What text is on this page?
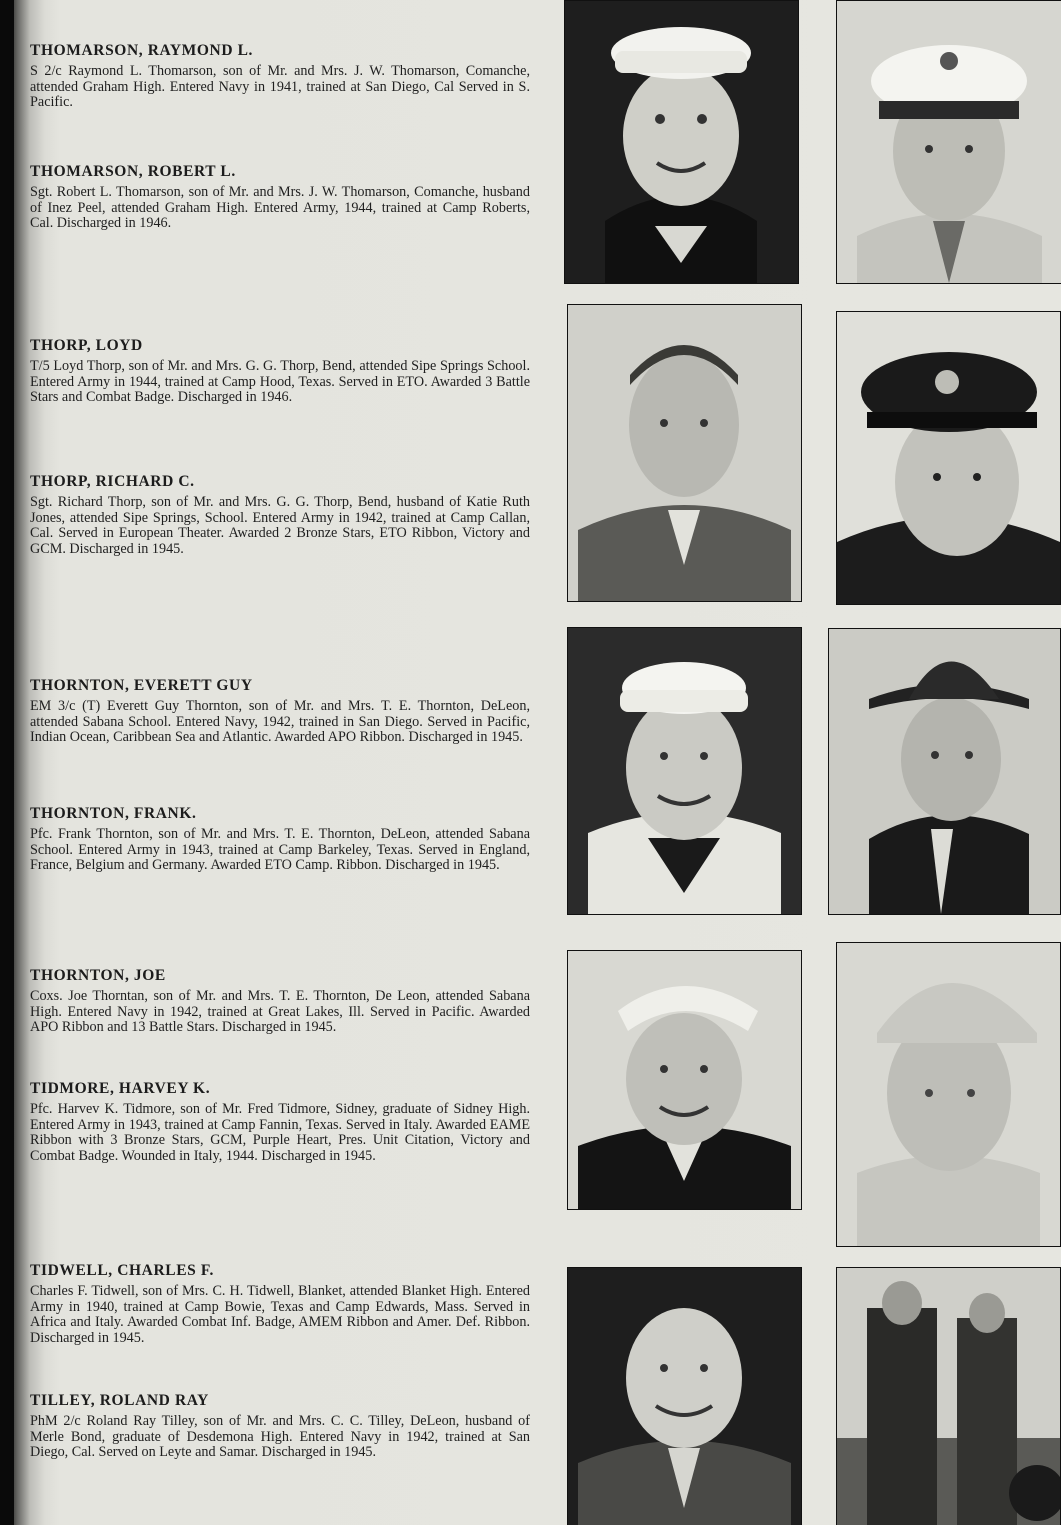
THOMARSON, RAYMOND L.

S 2/c Raymond L. Thomarson, son of Mr. and Mrs. J. W. Thomarson, Comanche, attended Graham High. Entered Navy in 1941, trained at San Diego, Cal Served in S. Pacific.

THOMARSON, ROBERT L.

Sgt. Robert L. Thomarson, son of Mr. and Mrs. J. W. Thomarson, Comanche, husband of Inez Peel, attended Graham High. Entered Army, 1944, trained at Camp Roberts, Cal. Discharged in 1946.

THORP, LOYD

T/5 Loyd Thorp, son of Mr. and Mrs. G. G. Thorp, Bend, attended Sipe Springs School. Entered Army in 1944, trained at Camp Hood, Texas. Served in ETO. Awarded 3 Battle Stars and Combat Badge. Discharged in 1946.

THORP, RICHARD C.

Sgt. Richard Thorp, son of Mr. and Mrs. G. G. Thorp, Bend, husband of Katie Ruth Jones, attended Sipe Springs, School. Entered Army in 1942, trained at Camp Callan, Cal. Served in European Theater. Awarded 2 Bronze Stars, ETO Ribbon, Victory and GCM. Discharged in 1945.

THORNTON, EVERETT GUY

EM 3/c (T) Everett Guy Thornton, son of Mr. and Mrs. T. E. Thornton, DeLeon, attended Sabana School. Entered Navy, 1942, trained in San Diego. Served in Pacific, Indian Ocean, Caribbean Sea and Atlantic. Awarded APO Ribbon. Discharged in 1945.

THORNTON, FRANK.

Pfc. Frank Thornton, son of Mr. and Mrs. T. E. Thornton, DeLeon, attended Sabana School. Entered Army in 1943, trained at Camp Barkeley, Texas. Served in England, France, Belgium and Germany. Awarded ETO Camp. Ribbon. Discharged in 1945.

THORNTON, JOE

Coxs. Joe Thorntan, son of Mr. and Mrs. T. E. Thornton, De Leon, attended Sabana High. Entered Navy in 1942, trained at Great Lakes, Ill. Served in Pacific. Awarded APO Ribbon and 13 Battle Stars. Discharged in 1945.

TIDMORE, HARVEY K.

Pfc. Harvev K. Tidmore, son of Mr. Fred Tidmore, Sidney, graduate of Sidney High. Entered Army in 1943, trained at Camp Fannin, Texas. Served in Italy. Awarded EAME Ribbon with 3 Bronze Stars, GCM, Purple Heart, Pres. Unit Citation, Victory and Combat Badge. Wounded in Italy, 1944. Discharged in 1945.

TIDWELL, CHARLES F.

Charles F. Tidwell, son of Mrs. C. H. Tidwell, Blanket, attended Blanket High. Entered Army in 1940, trained at Camp Bowie, Texas and Camp Edwards, Mass. Served in Africa and Italy. Awarded Combat Inf. Badge, AMEM Ribbon and Amer. Def. Ribbon. Discharged in 1945.

TILLEY, ROLAND RAY

PhM 2/c Roland Ray Tilley, son of Mr. and Mrs. C. C. Tilley, DeLeon, husband of Merle Bond, graduate of Desdemona High. Entered Navy in 1942, trained at San Diego, Cal. Served on Leyte and Samar. Discharged in 1945.
